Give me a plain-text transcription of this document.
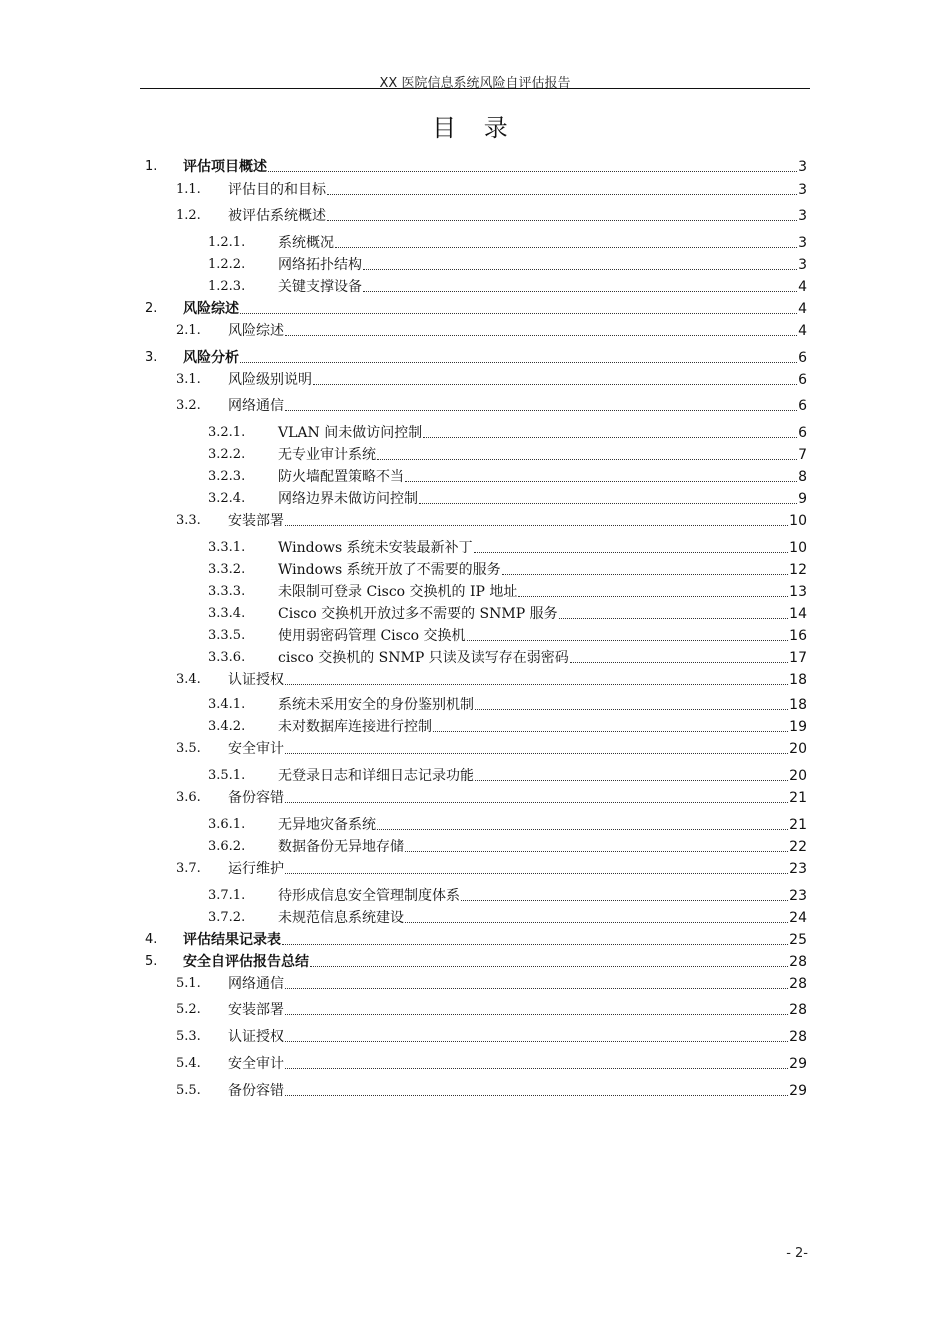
XX 医院信息系统风险自评估报告
目 录
1.	评估项目概述	3
1.1.	评估目的和目标	3
1.2.	被评估系统概述	3
1.2.1.	系统概况	3
1.2.2.	网络拓扑结构	3
1.2.3.	关键支撑设备	4
2.	风险综述	4
2.1.	风险综述	4
3.	风险分析	6
3.1.	风险级别说明	6
3.2.	网络通信	6
3.2.1.	VLAN 间未做访问控制	6
3.2.2.	无专业审计系统	7
3.2.3.	防火墙配置策略不当	8
3.2.4.	网络边界未做访问控制	9
3.3.	安装部署	10
3.3.1.	Windows 系统未安装最新补丁	10
3.3.2.	Windows 系统开放了不需要的服务	12
3.3.3.	未限制可登录 Cisco 交换机的 IP 地址	13
3.3.4.	Cisco 交换机开放过多不需要的 SNMP 服务	14
3.3.5.	使用弱密码管理 Cisco 交换机	16
3.3.6.	cisco 交换机的 SNMP 只读及读写存在弱密码	17
3.4.	认证授权	18
3.4.1.	系统未采用安全的身份鉴别机制	18
3.4.2.	未对数据库连接进行控制	19
3.5.	安全审计	20
3.5.1.	无登录日志和详细日志记录功能	20
3.6.	备份容错	21
3.6.1.	无异地灾备系统	21
3.6.2.	数据备份无异地存储	22
3.7.	运行维护	23
3.7.1.	待形成信息安全管理制度体系	23
3.7.2.	未规范信息系统建设	24
4.	评估结果记录表	25
5.	安全自评估报告总结	28
5.1.	网络通信	28
5.2.	安装部署	28
5.3.	认证授权	28
5.4.	安全审计	29
5.5.	备份容错	29
- 2-
